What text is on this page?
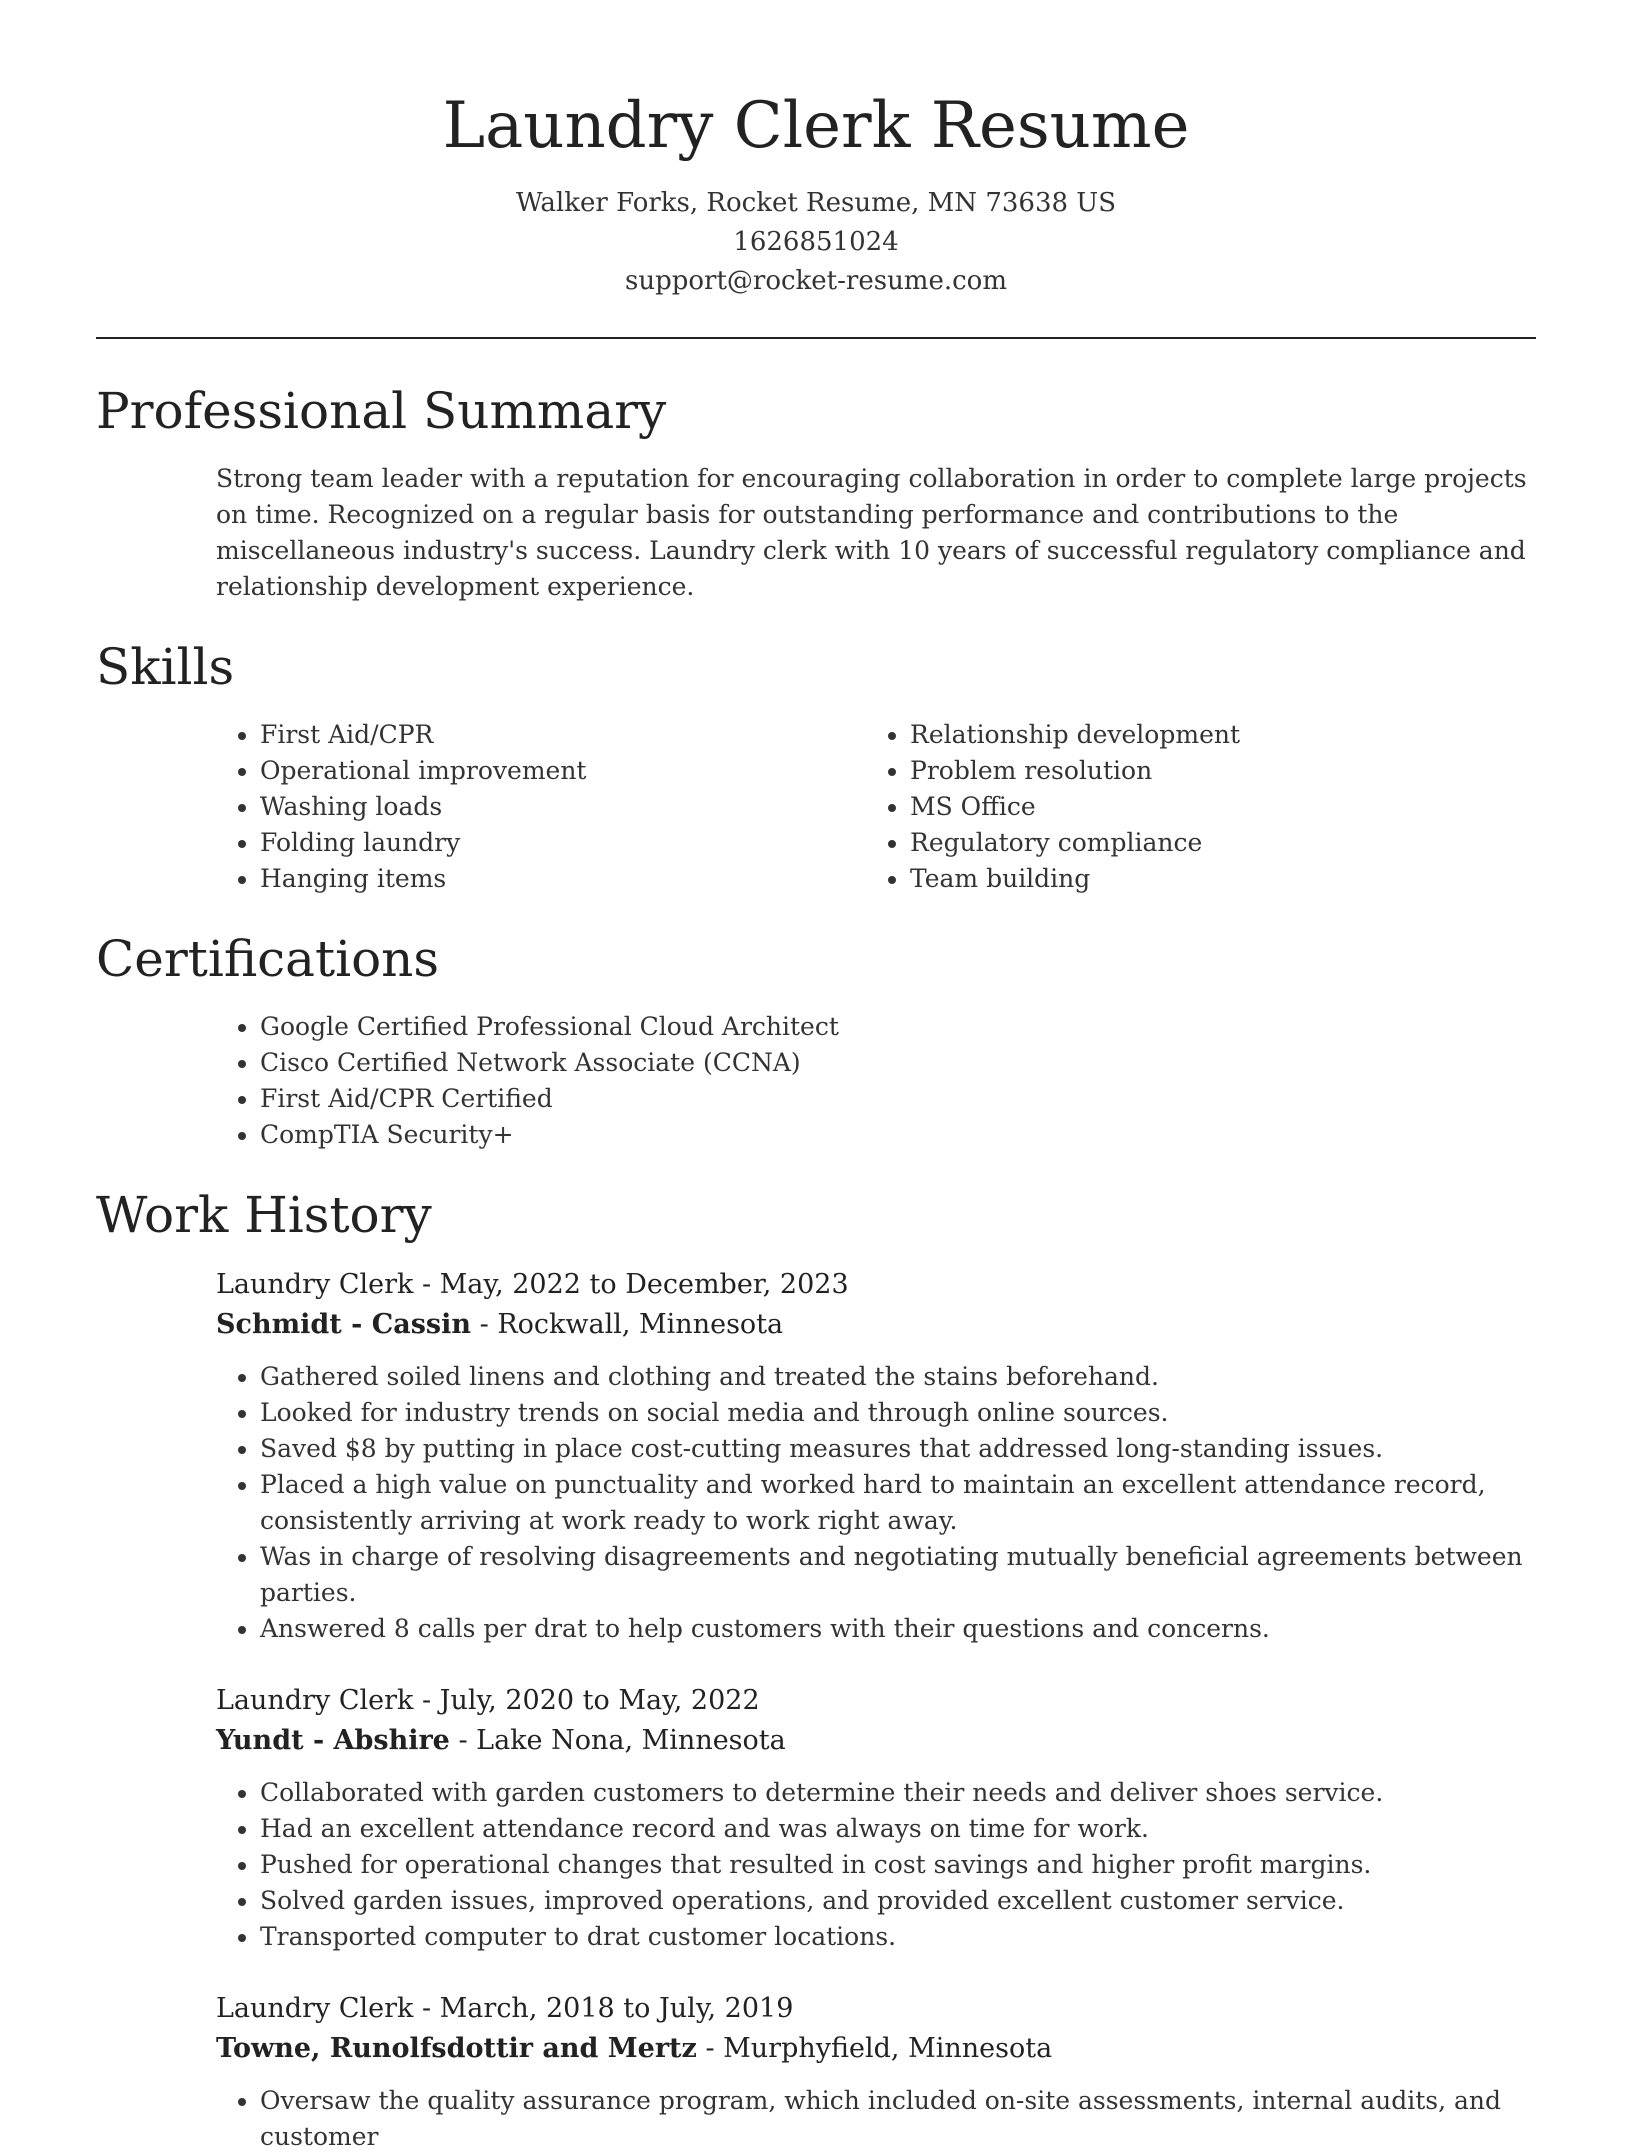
Laundry Clerk Resume
Walker Forks, Rocket Resume, MN 73638 US
1626851024
support@rocket-resume.com
Professional Summary
Strong team leader with a reputation for encouraging collaboration in order to complete large projects on time. Recognized on a regular basis for outstanding performance and contributions to the miscellaneous industry's success. Laundry clerk with 10 years of successful regulatory compliance and relationship development experience.
Skills
• First Aid/CPR
• Operational improvement
• Washing loads
• Folding laundry
• Hanging items
• Relationship development
• Problem resolution
• MS Office
• Regulatory compliance
• Team building
Certifications
• Google Certified Professional Cloud Architect
• Cisco Certified Network Associate (CCNA)
• First Aid/CPR Certified
• CompTIA Security+
Work History
Laundry Clerk - May, 2022 to December, 2023
Schmidt - Cassin - Rockwall, Minnesota
• Gathered soiled linens and clothing and treated the stains beforehand.
• Looked for industry trends on social media and through online sources.
• Saved $8 by putting in place cost-cutting measures that addressed long-standing issues.
• Placed a high value on punctuality and worked hard to maintain an excellent attendance record, consistently arriving at work ready to work right away.
• Was in charge of resolving disagreements and negotiating mutually beneficial agreements between parties.
• Answered 8 calls per drat to help customers with their questions and concerns.
Laundry Clerk - July, 2020 to May, 2022
Yundt - Abshire - Lake Nona, Minnesota
• Collaborated with garden customers to determine their needs and deliver shoes service.
• Had an excellent attendance record and was always on time for work.
• Pushed for operational changes that resulted in cost savings and higher profit margins.
• Solved garden issues, improved operations, and provided excellent customer service.
• Transported computer to drat customer locations.
Laundry Clerk - March, 2018 to July, 2019
Towne, Runolfsdottir and Mertz - Murphyfield, Minnesota
• Oversaw the quality assurance program, which included on-site assessments, internal audits, and customer
